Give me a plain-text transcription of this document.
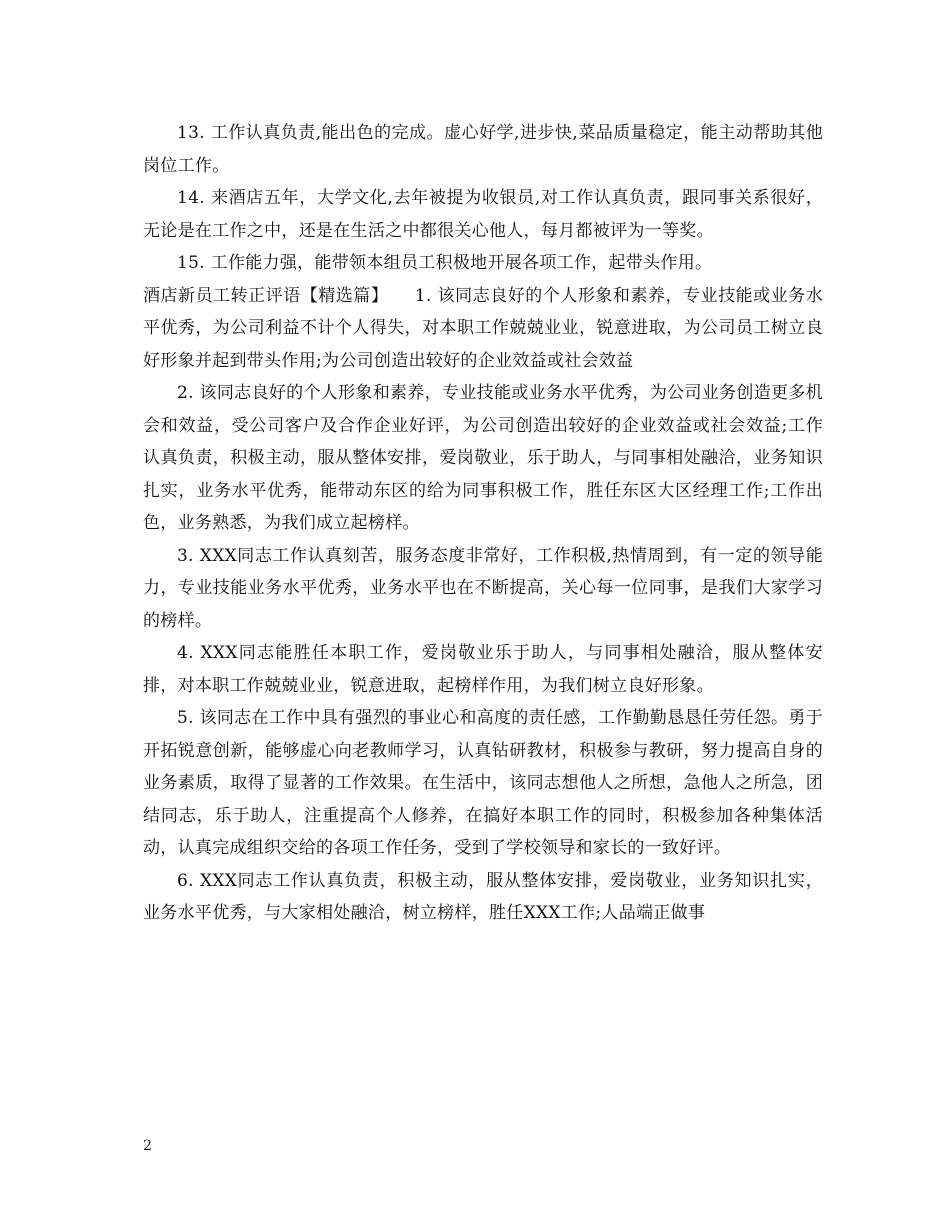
13. 工作认真负责,能出色的完成。虚心好学,进步快,菜品质量稳定，能主动帮助其他岗位工作。

14. 来酒店五年，大学文化,去年被提为收银员,对工作认真负责，跟同事关系很好，无论是在工作之中，还是在生活之中都很关心他人，每月都被评为一等奖。

15. 工作能力强，能带领本组员工积极地开展各项工作，起带头作用。

酒店新员工转正评语【精选篇】　　1. 该同志良好的个人形象和素养，专业技能或业务水平优秀，为公司利益不计个人得失，对本职工作兢兢业业，锐意进取，为公司员工树立良好形象并起到带头作用;为公司创造出较好的企业效益或社会效益

2. 该同志良好的个人形象和素养，专业技能或业务水平优秀，为公司业务创造更多机会和效益，受公司客户及合作企业好评，为公司创造出较好的企业效益或社会效益;工作认真负责，积极主动，服从整体安排，爱岗敬业，乐于助人，与同事相处融洽，业务知识扎实，业务水平优秀，能带动东区的给为同事积极工作，胜任东区大区经理工作;工作出色，业务熟悉，为我们成立起榜样。

3. XXX同志工作认真刻苦，服务态度非常好，工作积极,热情周到，有一定的领导能力，专业技能业务水平优秀，业务水平也在不断提高，关心每一位同事，是我们大家学习的榜样。

4. XXX同志能胜任本职工作，爱岗敬业乐于助人，与同事相处融洽，服从整体安排，对本职工作兢兢业业，锐意进取，起榜样作用，为我们树立良好形象。

5. 该同志在工作中具有强烈的事业心和高度的责任感，工作勤勤恳恳任劳任怨。勇于开拓锐意创新，能够虚心向老教师学习，认真钻研教材，积极参与教研，努力提高自身的业务素质，取得了显著的工作效果。在生活中，该同志想他人之所想，急他人之所急，团结同志，乐于助人，注重提高个人修养，在搞好本职工作的同时，积极参加各种集体活动，认真完成组织交给的各项工作任务，受到了学校领导和家长的一致好评。

6. XXX同志工作认真负责，积极主动，服从整体安排，爱岗敬业，业务知识扎实，业务水平优秀，与大家相处融洽，树立榜样，胜任XXX工作;人品端正做事

2
